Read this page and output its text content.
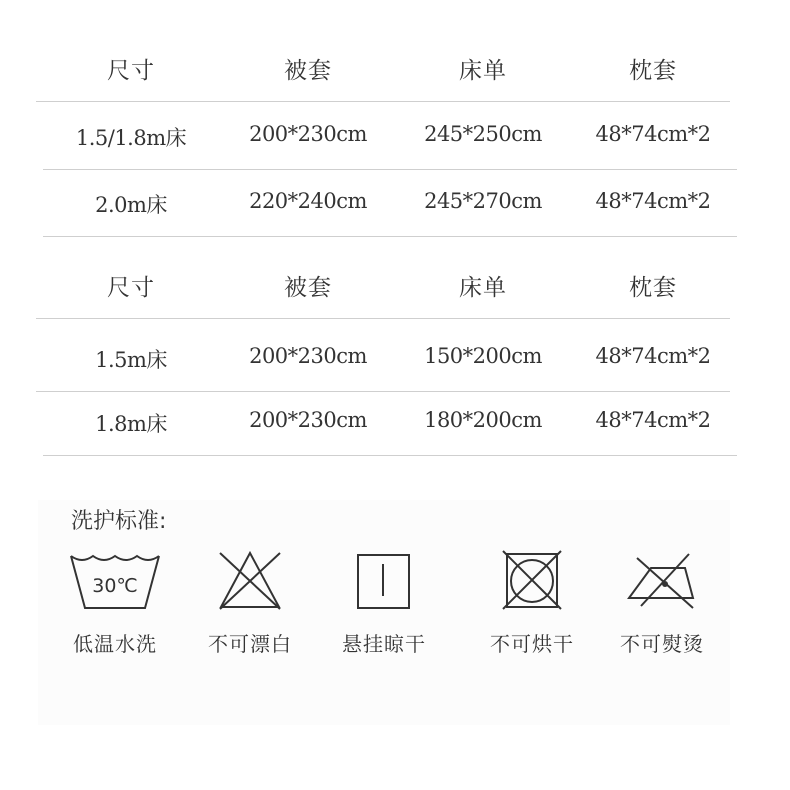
尺寸	被套	床单	枕套
1.5/1.8m床	200*230cm	245*250cm	48*74cm*2
2.0m床	220*240cm	245*270cm	48*74cm*2
尺寸	被套	床单	枕套
1.5m床	200*230cm	150*200cm	48*74cm*2
1.8m床	200*230cm	180*200cm	48*74cm*2
洗护标准:
30℃
低温水洗	不可漂白	悬挂晾干	不可烘干	不可熨烫
